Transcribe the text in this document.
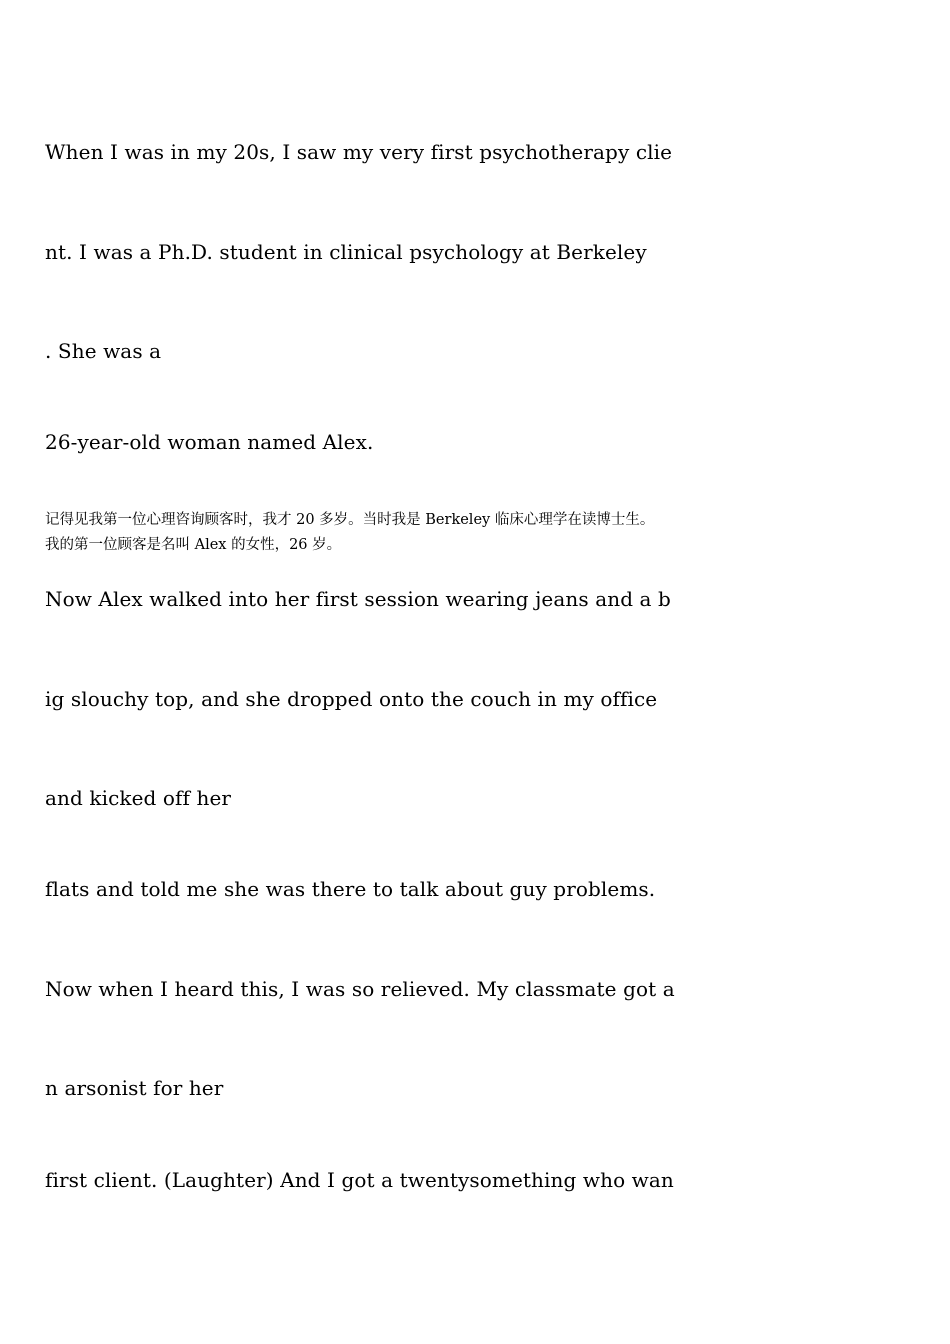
When I was in my 20s, I saw my very first psychotherapy clie
nt. I was a Ph.D. student in clinical psychology at Berkeley
. She was a
26-year-old woman named Alex.
记得见我第一位心理咨询顾客时，我才 20 多岁。当时我是 Berkeley 临床心理学在读博士生。
我的第一位顾客是名叫 Alex 的女性，26 岁。
Now Alex walked into her first session wearing jeans and a b
ig slouchy top, and she dropped onto the couch in my office
and kicked off her
flats and told me she was there to talk about guy problems.
Now when I heard this, I was so relieved. My classmate got a
n arsonist for her
first client. (Laughter) And I got a twentysomething who wan
